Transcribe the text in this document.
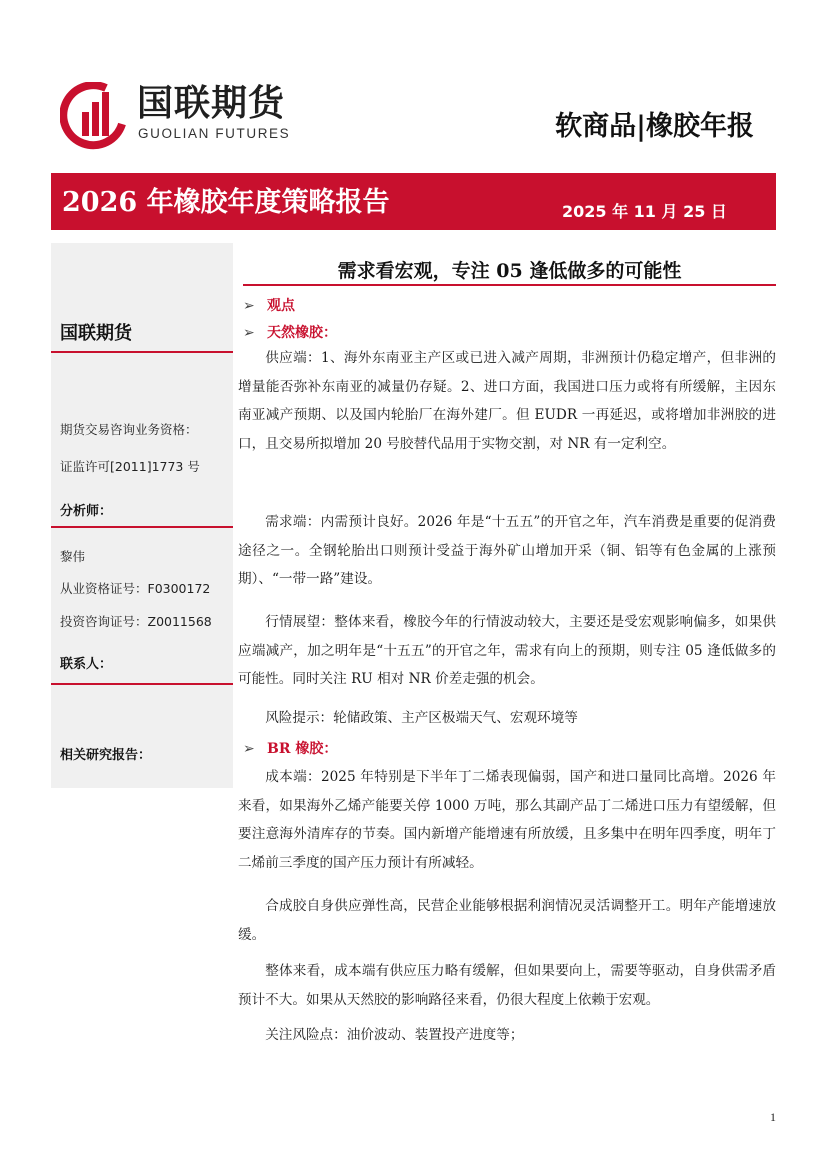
国联期货
GUOLIAN FUTURES	软商品|橡胶年报
2026 年橡胶年度策略报告	2025 年 11 月 25 日
国联期货
期货交易咨询业务资格：
证监许可[2011]1773 号
分析师：
黎伟
从业资格证号：F0300172
投资咨询证号：Z0011568
联系人：
相关研究报告：
需求看宏观，专注 05 逢低做多的可能性
➢ 观点
➢ 天然橡胶：
供应端：1、海外东南亚主产区或已进入减产周期，非洲预计仍稳定增产，但非洲的增量能否弥补东南亚的减量仍存疑。2、进口方面，我国进口压力或将有所缓解，主因东南亚减产预期、以及国内轮胎厂在海外建厂。但 EUDR 一再延迟，或将增加非洲胶的进口，且交易所拟增加 20 号胶替代品用于实物交割，对 NR 有一定利空。
需求端：内需预计良好。2026 年是“十五五”的开官之年，汽车消费是重要的促消费途径之一。全钢轮胎出口则预计受益于海外矿山增加开采（铜、铝等有色金属的上涨预期）、“一带一路”建设。
行情展望：整体来看，橡胶今年的行情波动较大，主要还是受宏观影响偏多，如果供应端减产，加之明年是“十五五”的开官之年，需求有向上的预期，则专注 05 逢低做多的可能性。同时关注 RU 相对 NR 价差走强的机会。
风险提示：轮储政策、主产区极端天气、宏观环境等
➢ BR 橡胶：
成本端：2025 年特别是下半年丁二烯表现偏弱，国产和进口量同比高增。2026 年来看，如果海外乙烯产能要关停 1000 万吨，那么其副产品丁二烯进口压力有望缓解，但要注意海外清库存的节奏。国内新增产能增速有所放缓，且多集中在明年四季度，明年丁二烯前三季度的国产压力预计有所减轻。
合成胶自身供应弹性高，民营企业能够根据利润情况灵活调整开工。明年产能增速放缓。
整体来看，成本端有供应压力略有缓解，但如果要向上，需要等驱动，自身供需矛盾预计不大。如果从天然胶的影响路径来看，仍很大程度上依赖于宏观。
关注风险点：油价波动、装置投产进度等；
1
